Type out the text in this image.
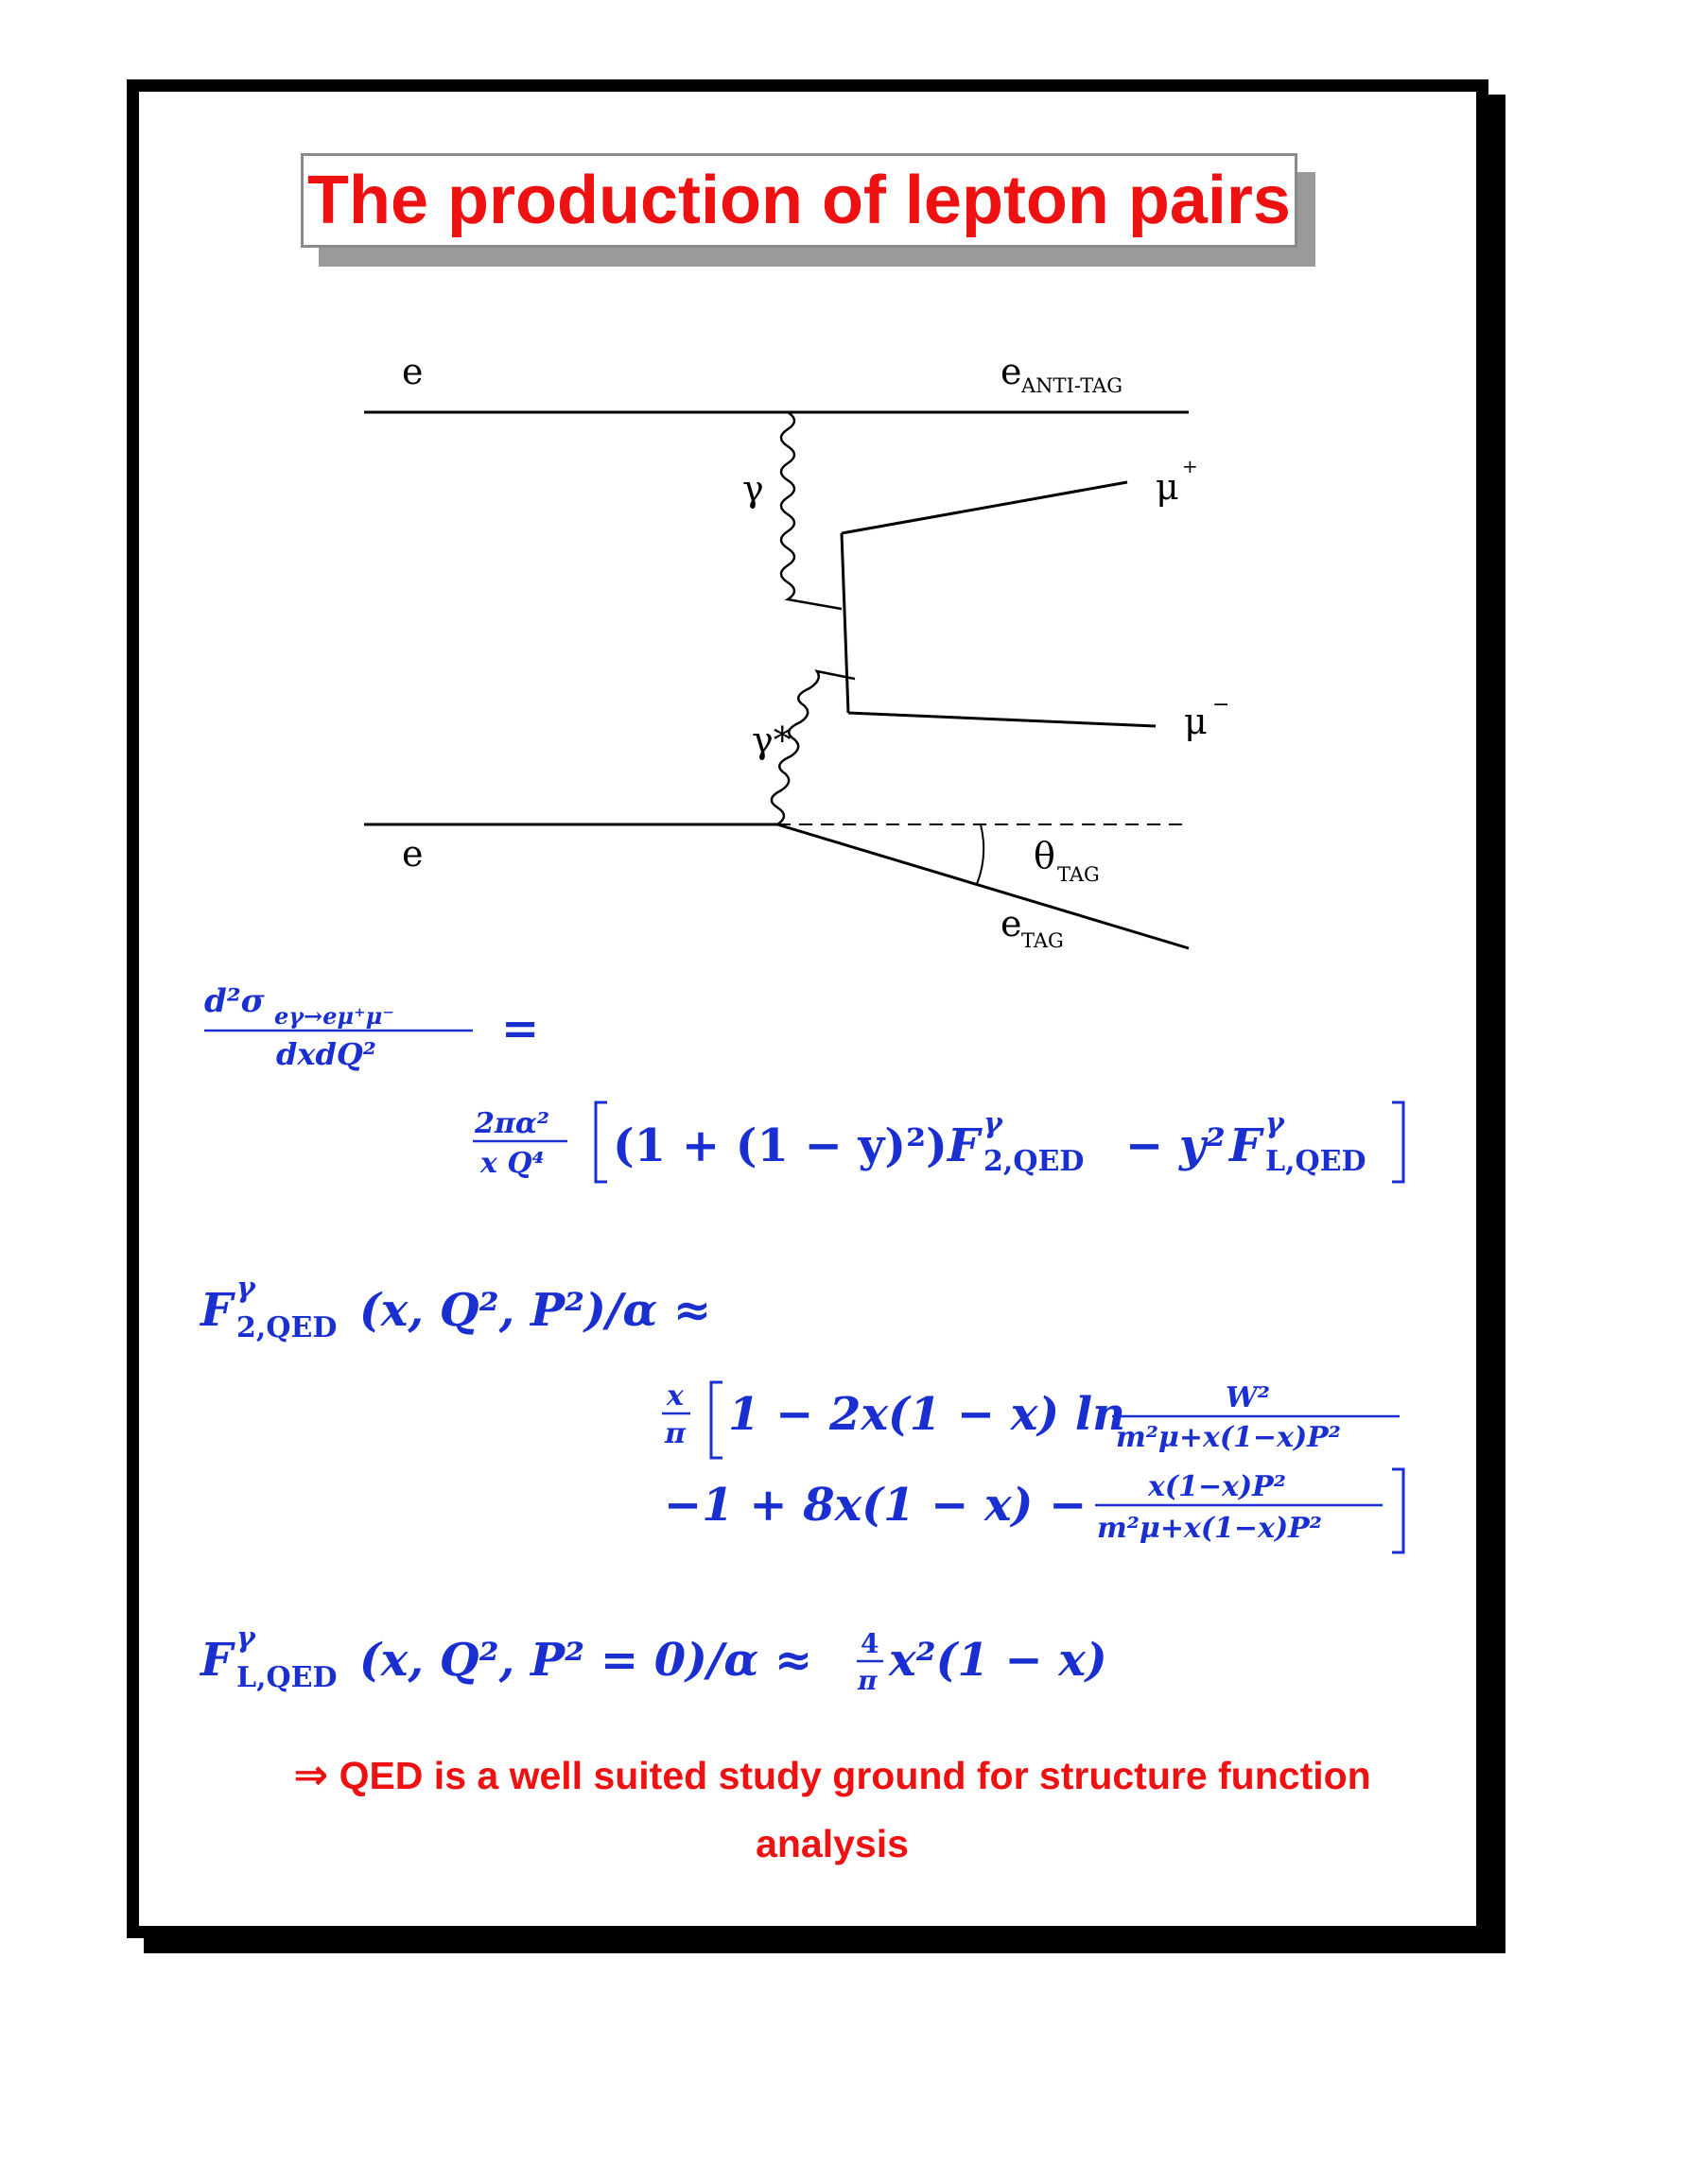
The production of lepton pairs
e	e ANTI-TAG
γ	μ +
γ*	μ −
e	θ TAG
e TAG
d²σ eγ→eμ⁺μ⁻
dxdQ²	=
2πα²
x Q⁴ (1 + (1 − y)²) F γ
2,QED − y² F γ
L,QED
F γ
2,QED (x, Q², P²)/α ≈
x
π 1 − 2x(1 − x) ln	W²
m²μ+x(1−x)P²
−1 + 8x(1 − x) − x(1−x)P²
m²μ+x(1−x)P²
F γ
L,QED (x, Q², P² = 0)/α ≈ 4
π x²(1 − x)
⇒ QED is a well suited study ground for structure function
analysis
